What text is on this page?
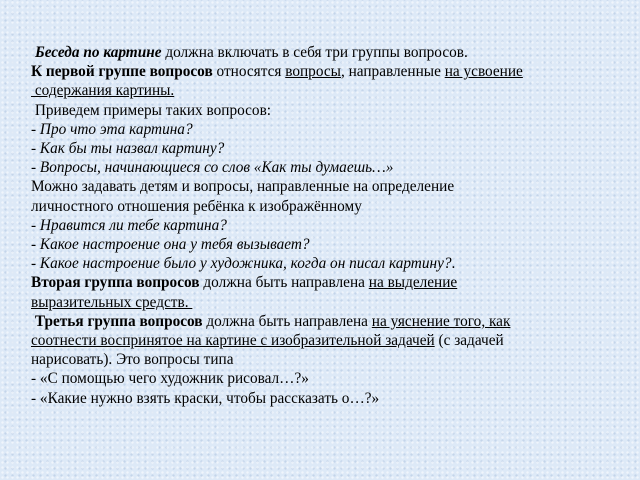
Беседа по картине должна включать в себя три группы вопросов.
К первой группе вопросов относятся вопросы, направленные на усвоение
содержания картины.
Приведем примеры таких вопросов:
- Про что эта картина?
- Как бы ты назвал картину?
- Вопросы, начинающиеся со слов «Как ты думаешь…»
Можно задавать детям и вопросы, направленные на определение
личностного отношения ребёнка к изображённому
- Нравится ли тебе картина?
- Какое настроение она у тебя вызывает?
- Какое настроение было у художника, когда он писал картину?.
Вторая группа вопросов должна быть направлена на выделение
выразительных средств.
Третья группа вопросов должна быть направлена на уяснение того, как
соотнести воспринятое на картине с изобразительной задачей (с задачей
нарисовать). Это вопросы типа
- «С помощью чего художник рисовал…?»
- «Какие нужно взять краски, чтобы рассказать о…?»
